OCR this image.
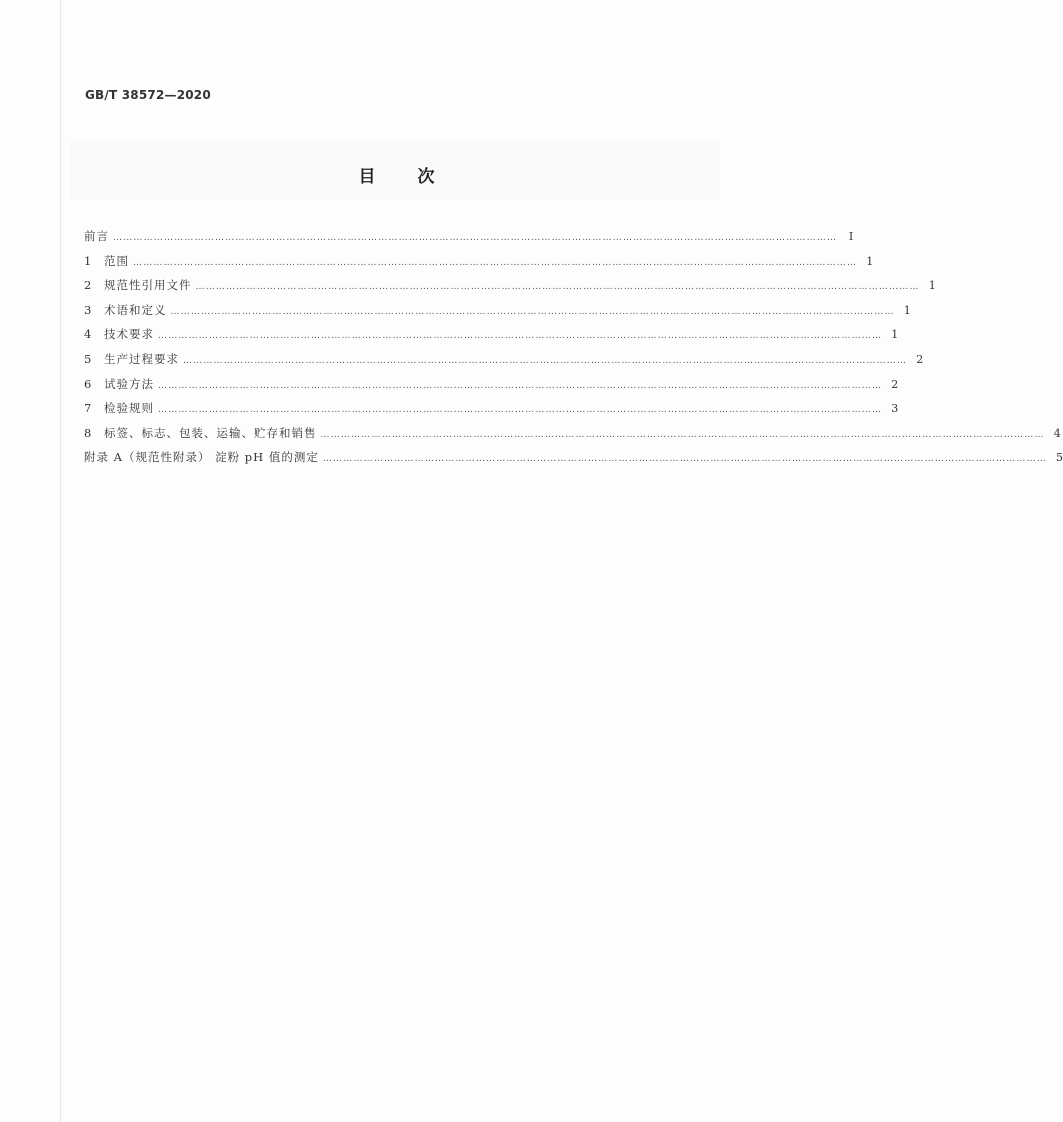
GB/T 38572—2020
目 次
前言 ……………………………………………………………………………………………………………………………………………………………………………………………	Ⅰ
1	范围 …………………………………………………………………………………………………………………………………………………………………………………………… 1
2	规范性引用文件 …………………………………………………………………………………………………………………………………………………………………………………………… 1
3	术语和定义 …………………………………………………………………………………………………………………………………………………………………………………………… 1
4	技术要求 …………………………………………………………………………………………………………………………………………………………………………………………… 1
5	生产过程要求 …………………………………………………………………………………………………………………………………………………………………………………………… 2
6	试验方法 …………………………………………………………………………………………………………………………………………………………………………………………… 2
7	检验规则 …………………………………………………………………………………………………………………………………………………………………………………………… 3
8	标签、标志、包装、运输、贮存和销售 …………………………………………………………………………………………………………………………………………………………………………………………… 4
附录 A（规范性附录） 淀粉 pH 值的测定 …………………………………………………………………………………………………………………………………………………………………………………………… 5
